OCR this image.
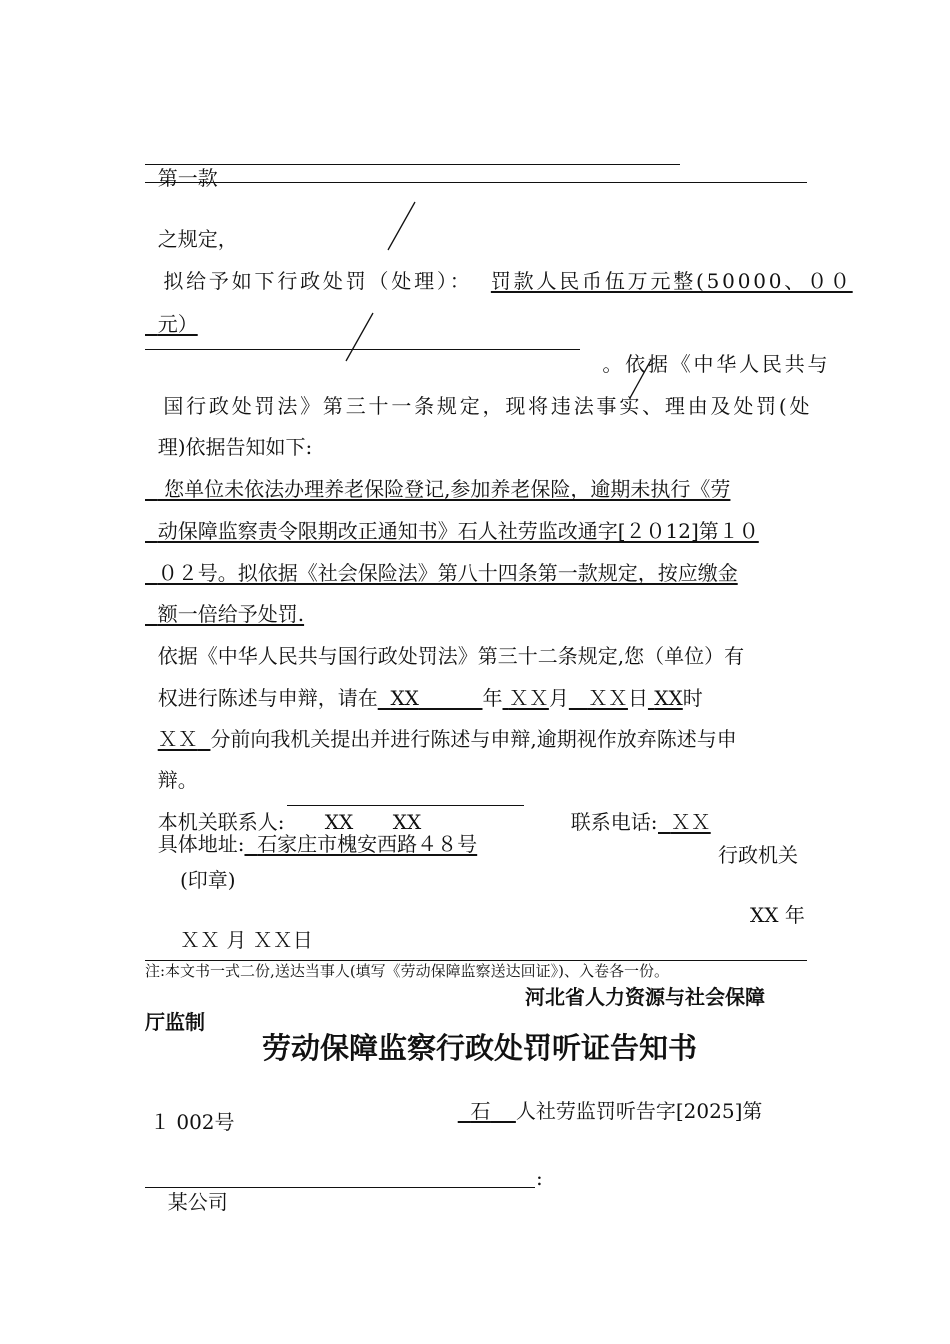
第一款

之规定，

拟给予如下行政处罚（处理）： 罚款人民币伍万元整(50000、００

元）

。依据《中华人民共与

国行政处罚法》第三十一条规定，现将违法事实、理由及处罚(处

理)依据告知如下:

您单位未依法办理养老保险登记,参加养老保险，逾期未执行《劳

动保障监察责令限期改正通知书》石人社劳监改通字[２０12]第１０

０２号。拟依据《社会保险法》第八十四条第一款规定，按应缴金

额一倍给予处罚.

依据《中华人民共与国行政处罚法》第三十二条规定,您（单位）有

权进行陈述与申辩，请在 XX	年 ＸＸ月 ＸＸ日 XX时

ＸＸ 分前向我机关提出并进行陈述与申辩,逾期视作放弃陈述与申

辩。

本机关联系人:	XX	XX	联系电话: ＸＸ

具体地址: 石家庄市槐安西路４８号	行政机关
(印章)
XX 年
ＸＸ 月 ＸＸ日
注:本文书一式二份,送达当事人(填写《劳动保障监察送达回证》)、入卷各一份。
河北省人力资源与社会保障
厅监制
劳动保障监察行政处罚听证告知书

石 人社劳监罚听告字[2025]第

１ 002号

某公司

:
